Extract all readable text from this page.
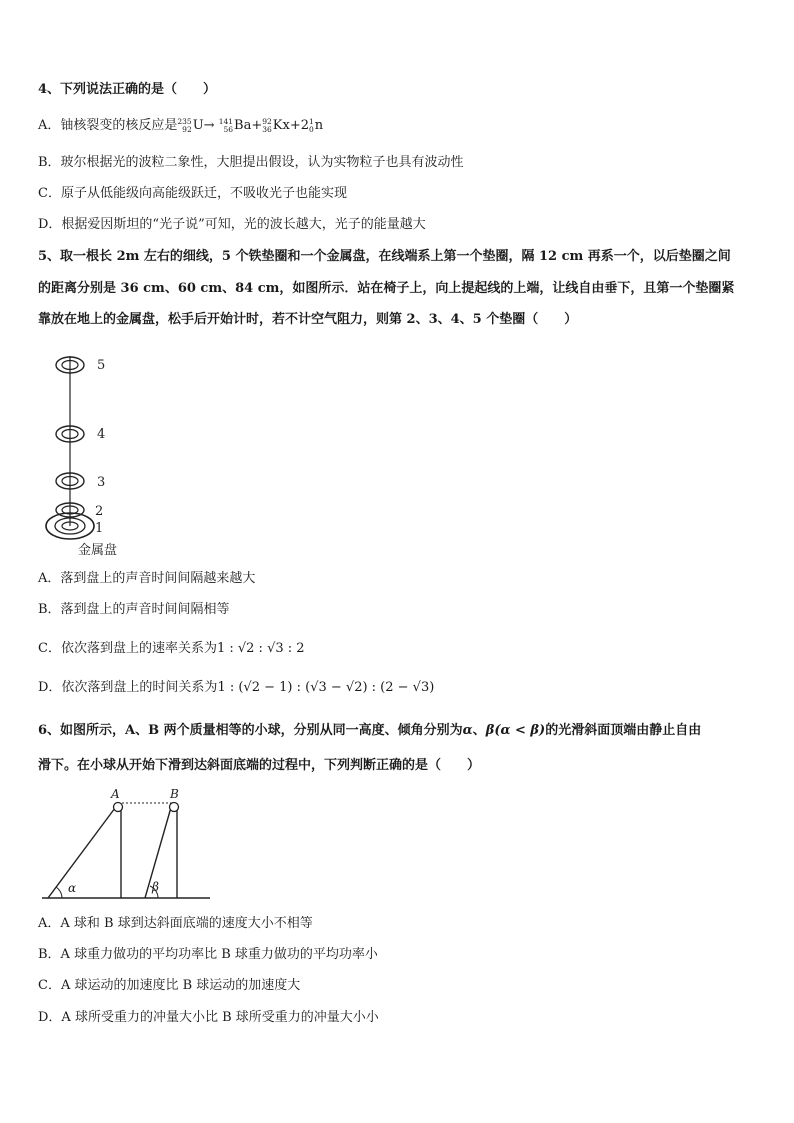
4、下列说法正确的是（　　）
A．铀核裂变的核反应是 235
92 U→ 141
56 Ba+ 92
36 Kx+2 1
0 n
B．玻尔根据光的波粒二象性，大胆提出假设，认为实物粒子也具有波动性
C．原子从低能级向高能级跃迁，不吸收光子也能实现
D．根据爱因斯坦的“光子说”可知，光的波长越大，光子的能量越大
5、取一根长 2m 左右的细线，5 个铁垫圈和一个金属盘，在线端系上第一个垫圈，隔 12 cm 再系一个，以后垫圈之间
的距离分别是 36 cm、60 cm、84 cm，如图所示．站在椅子上，向上提起线的上端，让线自由垂下，且第一个垫圈紧
靠放在地上的金属盘，松手后开始计时，若不计空气阻力，则第 2、3、4、5 个垫圈（　　）
5
4
3
2
1
金属盘
A．落到盘上的声音时间间隔越来越大
B．落到盘上的声音时间间隔相等
C．依次落到盘上的速率关系为1 : √2 : √3 : 2
D．依次落到盘上的时间关系为1 : (√2 − 1) : (√3 − √2) : (2 − √3)
6、如图所示，A、B 两个质量相等的小球，分别从同一高度、倾角分别为α、β(α < β)的光滑斜面顶端由静止自由
滑下。在小球从开始下滑到达斜面底端的过程中，下列判断正确的是（　　）
A	B
α	β
A．A 球和 B 球到达斜面底端的速度大小不相等
B．A 球重力做功的平均功率比 B 球重力做功的平均功率小
C．A 球运动的加速度比 B 球运动的加速度大
D．A 球所受重力的冲量大小比 B 球所受重力的冲量大小小
